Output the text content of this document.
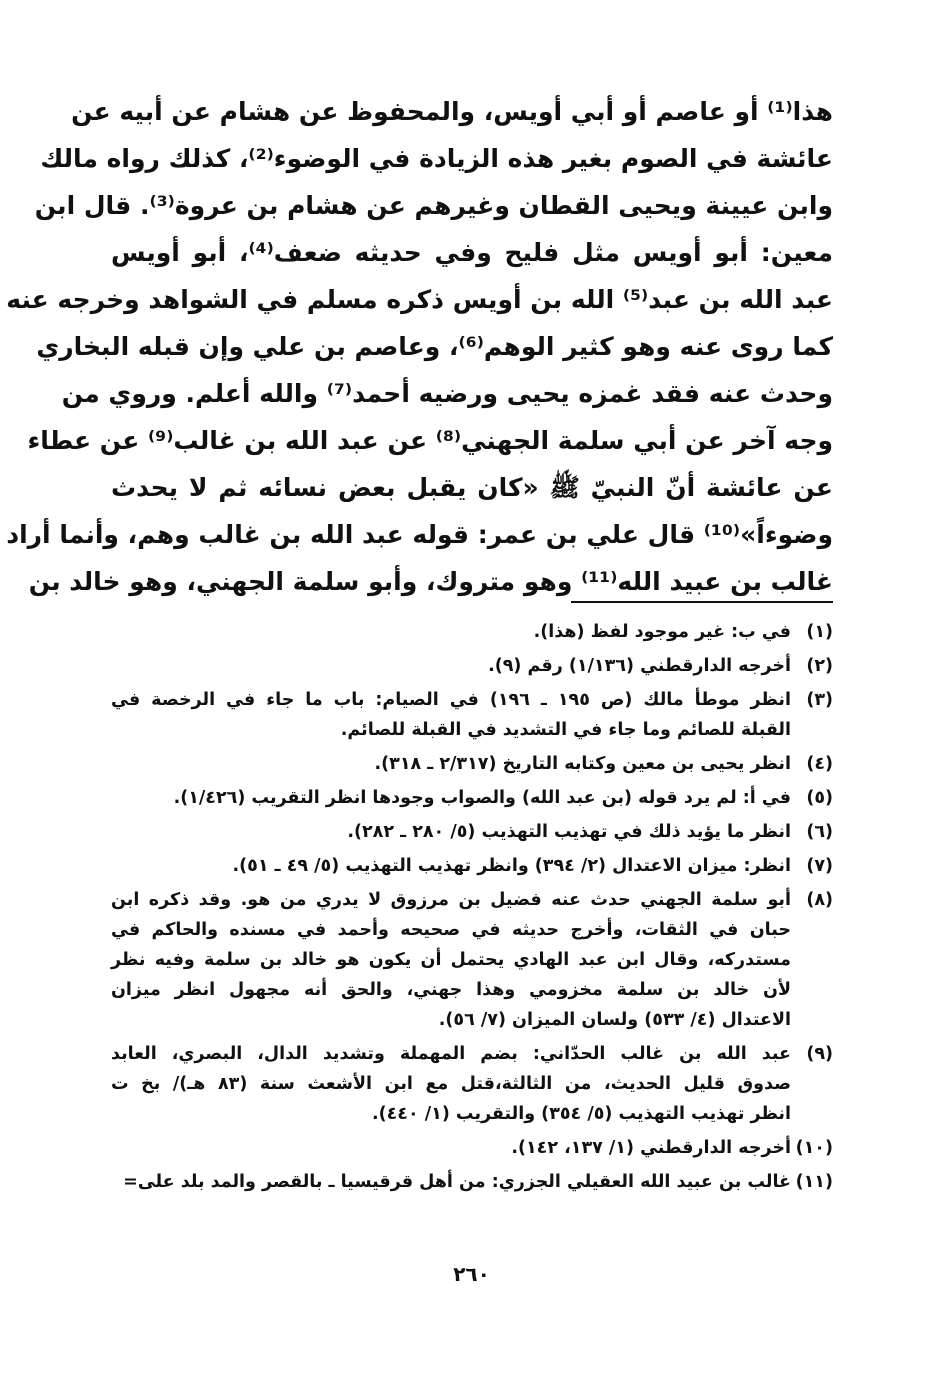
هذا⁽¹⁾ أو عاصم أو أبي أويس، والمحفوظ عن هشام عن أبيه عن
عائشة في الصوم بغير هذه الزيادة في الوضوء⁽²⁾، كذلك رواه مالك
وابن عيينة ويحيى القطان وغيرهم عن هشام بن عروة⁽³⁾. قال ابن
معين: أبو أويس مثل فليح وفي حديثه ضعف⁽⁴⁾، أبو أويس
عبد الله بن عبد⁽⁵⁾ الله بن أويس ذكره مسلم في الشواهد وخرجه عنه
كما روى عنه وهو كثير الوهم⁽⁶⁾، وعاصم بن علي وإن قبله البخاري
وحدث عنه فقد غمزه يحيى ورضيه أحمد⁽⁷⁾ والله أعلم. وروي من
وجه آخر عن أبي سلمة الجهني⁽⁸⁾ عن عبد الله بن غالب⁽⁹⁾ عن عطاء
عن عائشة أنّ النبيّ ﷺ «كان يقبل بعض نسائه ثم لا يحدث
وضوءاً»⁽¹⁰⁾ قال علي بن عمر: قوله عبد الله بن غالب وهم، وأنما أراد
غالب بن عبيد الله⁽¹¹⁾ وهو متروك، وأبو سلمة الجهني، وهو خالد بن
(١)
في ب: غير موجود لفظ (هذا).
(٢)
أخرجه الدارقطني (١/١٣٦) رقم (٩).
(٣)
انظر موطأ مالك (ص ١٩٥ ـ ١٩٦) في الصيام: باب ما جاء في الرخصة في
القبلة للصائم وما جاء في التشديد في القبلة للصائم.
(٤)
انظر يحيى بن معين وكتابه التاريخ (٢/٣١٧ ـ ٣١٨).
(٥)
في أ: لم يرد قوله (بن عبد الله) والصواب وجودها انظر التقريب (١/٤٢٦).
(٦)
انظر ما يؤيد ذلك في تهذيب التهذيب (٥/ ٢٨٠ ـ ٢٨٢).
(٧)
انظر: ميزان الاعتدال (٢/ ٣٩٤) وانظر تهذيب التهذيب (٥/ ٤٩ ـ ٥١).
(٨)
أبو سلمة الجهني حدث عنه فضيل بن مرزوق لا يدري من هو. وقد ذكره ابن
حبان في الثقات، وأخرج حديثه في صحيحه وأحمد في مسنده والحاكم في
مستدركه، وقال ابن عبد الهادي يحتمل أن يكون هو خالد بن سلمة وفيه نظر
لأن خالد بن سلمة مخزومي وهذا جهني، والحق أنه مجهول انظر ميزان
الاعتدال (٤/ ٥٣٣) ولسان الميزان (٧/ ٥٦).
(٩)
عبد الله بن غالب الحدّاني: بضم المهملة وتشديد الدال، البصري، العابد
صدوق قليل الحديث، من الثالثة،قتل مع ابن الأشعث سنة (٨٣ هـ)/ بخ ت
انظر تهذيب التهذيب (٥/ ٣٥٤) والتقريب (١/ ٤٤٠).
(١٠)
أخرجه الدارقطني (١/ ١٣٧، ١٤٢).
(١١)
غالب بن عبيد الله العقيلي الجزري: من أهل قرقيسيا ـ بالقصر والمد بلد على=
٢٦٠
